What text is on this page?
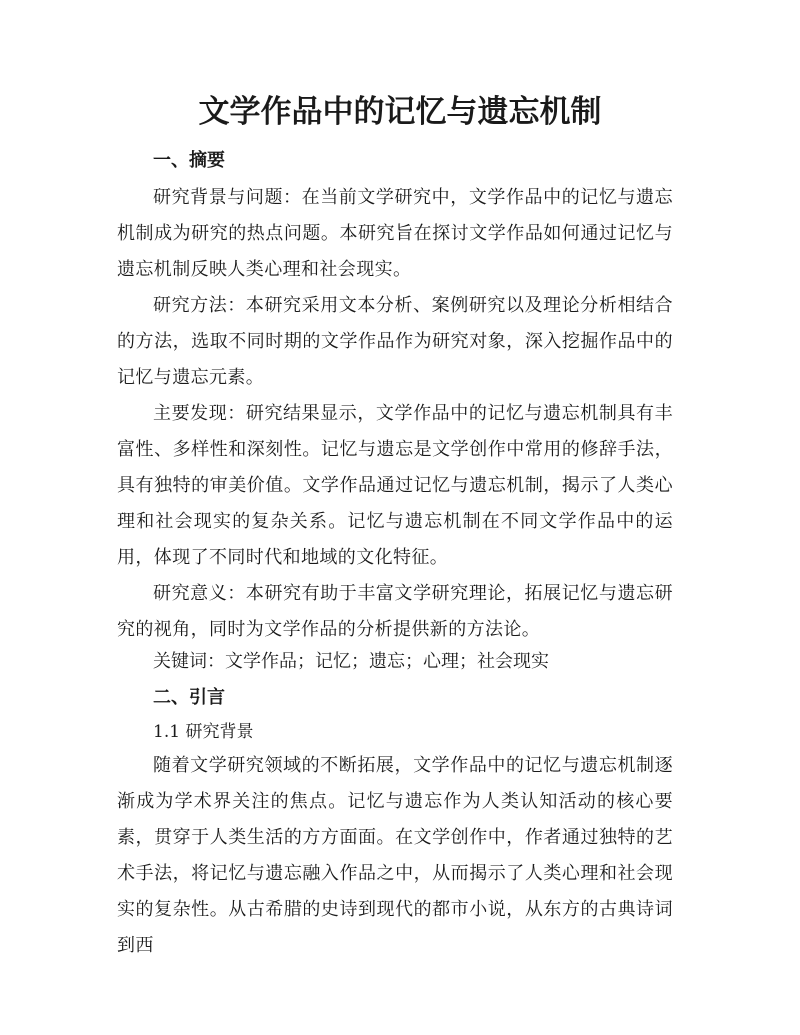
文学作品中的记忆与遗忘机制
一、摘要

研究背景与问题：在当前文学研究中，文学作品中的记忆与遗忘机制成为研究的热点问题。本研究旨在探讨文学作品如何通过记忆与遗忘机制反映人类心理和社会现实。

研究方法：本研究采用文本分析、案例研究以及理论分析相结合的方法，选取不同时期的文学作品作为研究对象，深入挖掘作品中的记忆与遗忘元素。

主要发现：研究结果显示，文学作品中的记忆与遗忘机制具有丰富性、多样性和深刻性。记忆与遗忘是文学创作中常用的修辞手法，具有独特的审美价值。文学作品通过记忆与遗忘机制，揭示了人类心理和社会现实的复杂关系。记忆与遗忘机制在不同文学作品中的运用，体现了不同时代和地域的文化特征。

研究意义：本研究有助于丰富文学研究理论，拓展记忆与遗忘研究的视角，同时为文学作品的分析提供新的方法论。

关键词：文学作品；记忆；遗忘；心理；社会现实

二、引言

1.1 研究背景

随着文学研究领域的不断拓展，文学作品中的记忆与遗忘机制逐渐成为学术界关注的焦点。记忆与遗忘作为人类认知活动的核心要素，贯穿于人类生活的方方面面。在文学创作中，作者通过独特的艺术手法，将记忆与遗忘融入作品之中，从而揭示了人类心理和社会现实的复杂性。从古希腊的史诗到现代的都市小说，从东方的古典诗词到西
